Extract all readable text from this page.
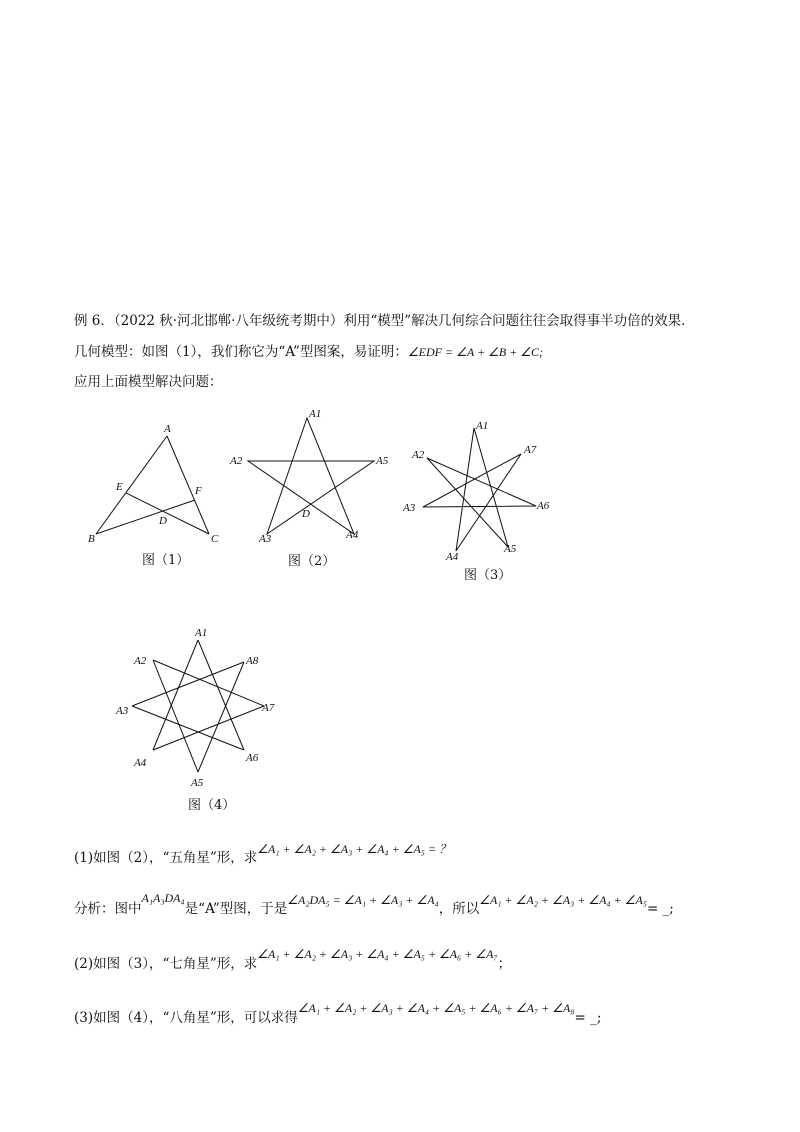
例 6．（2022 秋·河北邯郸·八年级统考期中）利用“模型”解决几何综合问题往往会取得事半功倍的效果．
几何模型：如图（1），我们称它为“A”型图案，易证明：∠EDF = ∠A + ∠B + ∠C;
应用上面模型解决问题：
A
E	F
D
B	C
图（1）
A1
A2	A5
D
A3	A4
图（2）
A1
A2	A7
A3	A6
A4
A5
图（3）
A1
A2	A8
A3	A7
A4	A6
A5
图（4）
(1)如图（2），“五角星”形，求∠A₁ + ∠A₂ + ∠A₃ + ∠A₄ + ∠A₅ = ？
分析：图中A₁A₃DA₄是“A”型图，于是∠A₂DA₅ = ∠A₁ + ∠A₃ + ∠A₄，所以∠A₁ + ∠A₂ + ∠A₃ + ∠A₄ + ∠A₅= _;
(2)如图（3），“七角星”形，求∠A₁ + ∠A₂ + ∠A₃ + ∠A₄ + ∠A₅ + ∠A₆ + ∠A₇；
(3)如图（4），“八角星”形，可以求得∠A₁ + ∠A₂ + ∠A₃ + ∠A₄ + ∠A₅ + ∠A₆ + ∠A₇ + ∠A₈= _;
